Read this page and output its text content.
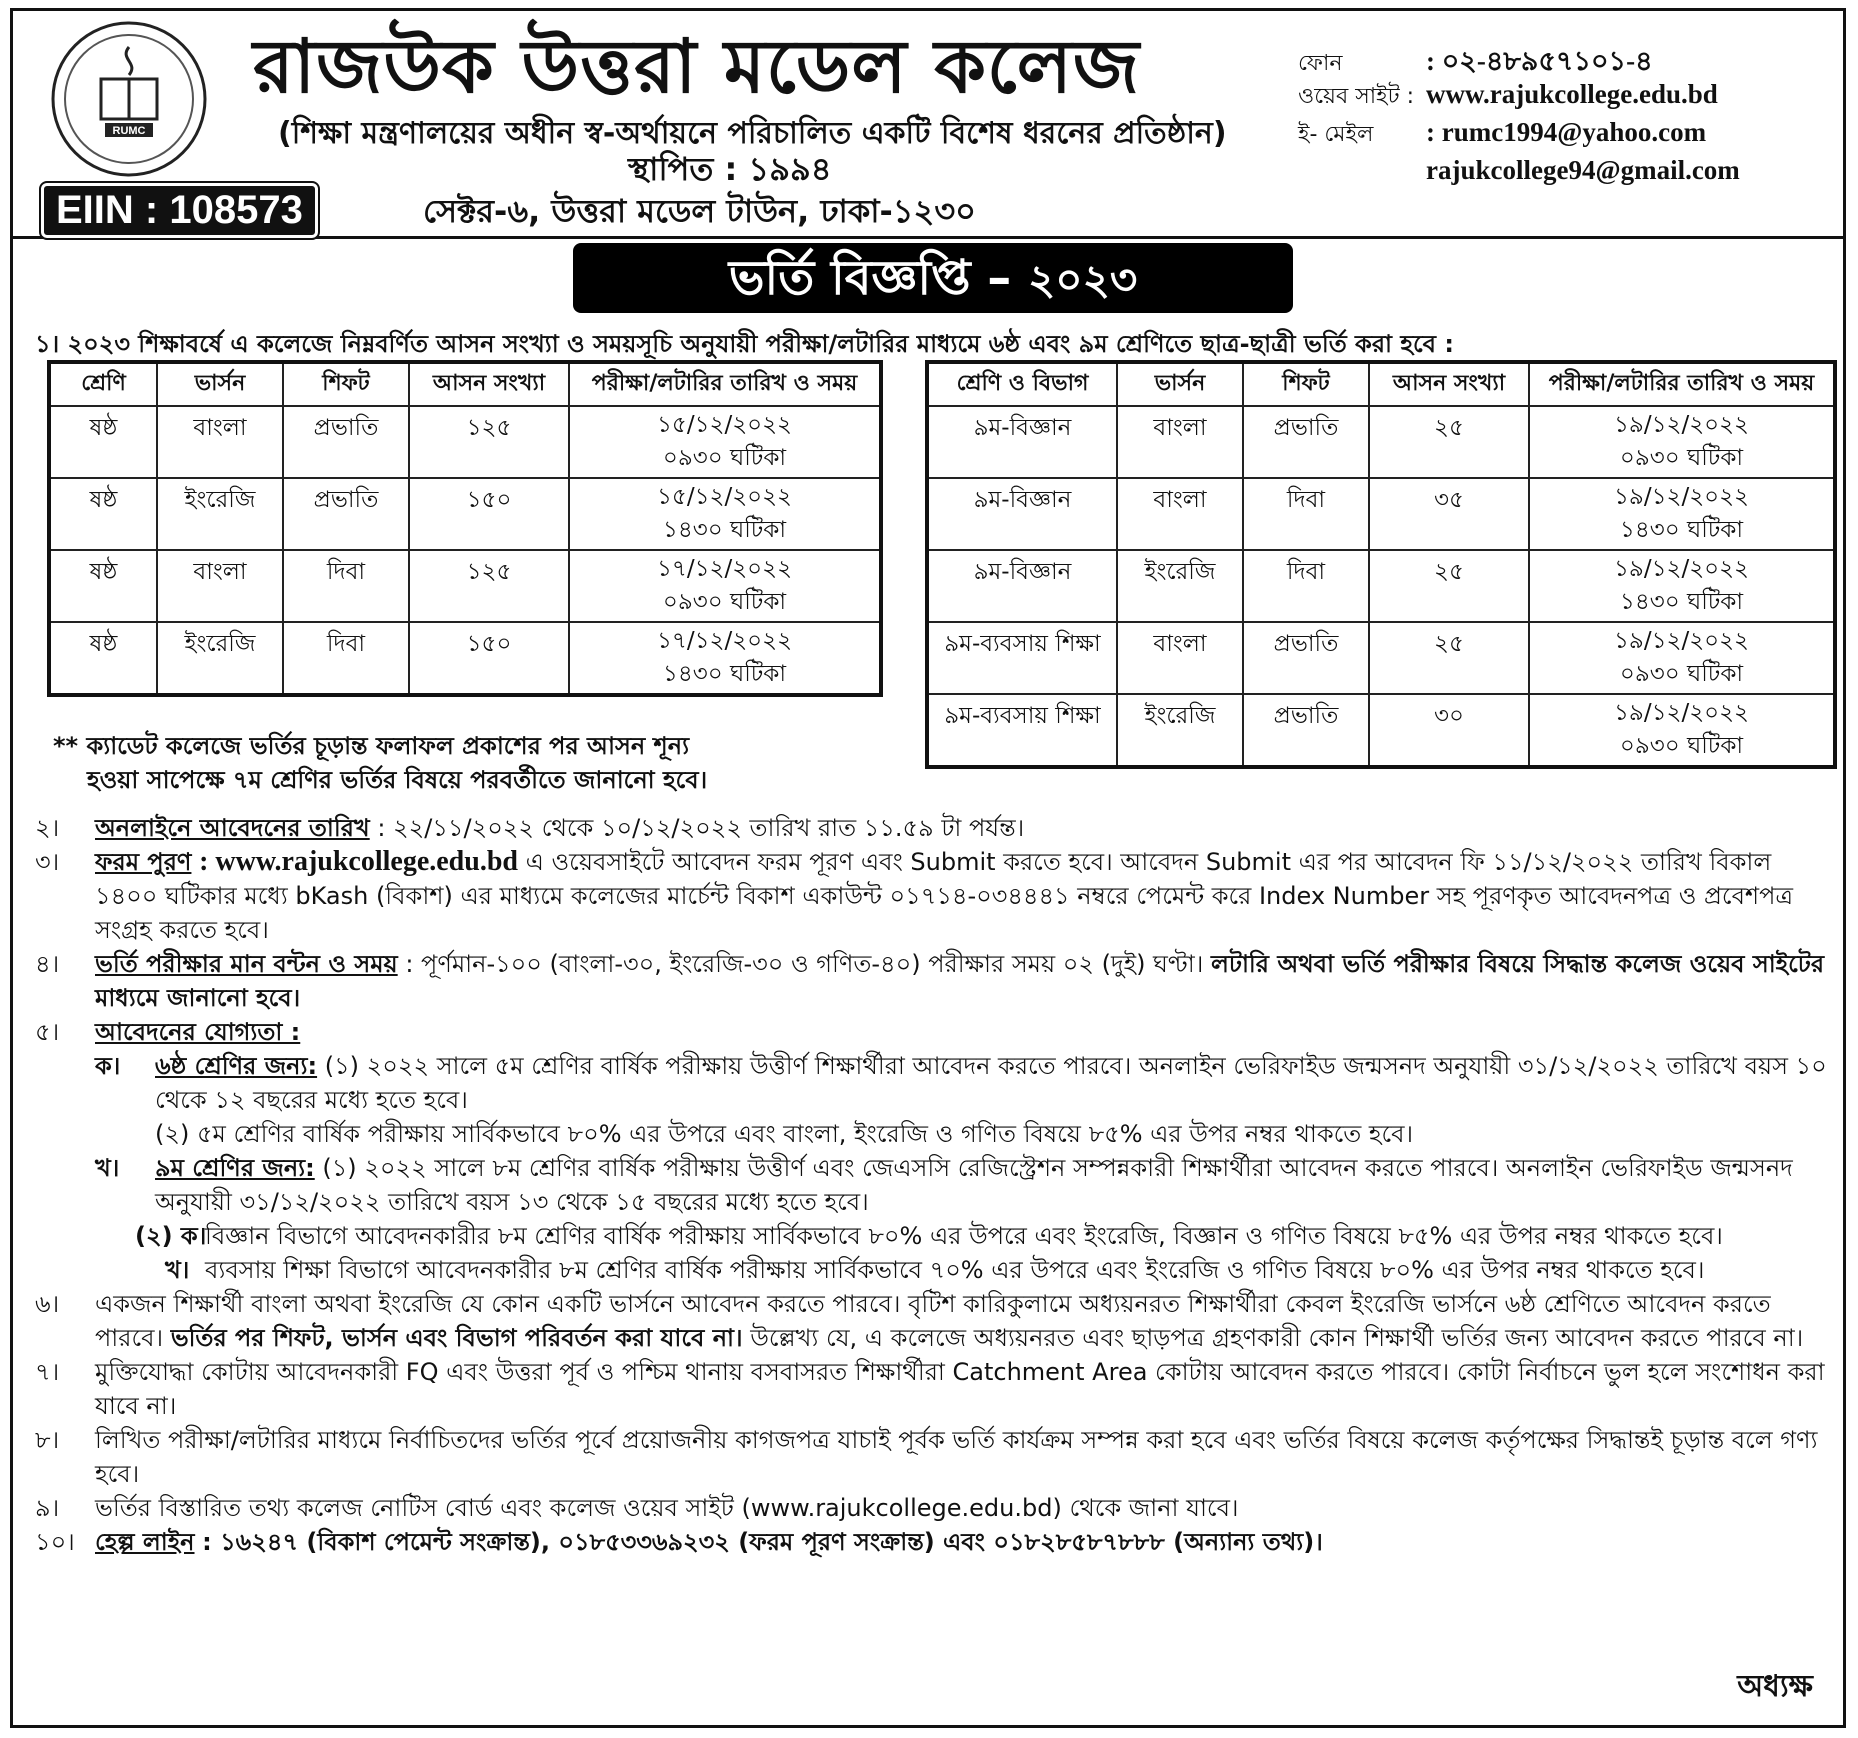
RUMC
রাজউক উত্তরা মডেল কলেজ
(শিক্ষা মন্ত্রণালয়ের অধীন স্ব-অর্থায়নে পরিচালিত একটি বিশেষ ধরনের প্রতিষ্ঠান)
স্থাপিত : ১৯৯৪
EIIN : 108573	সেক্টর-৬, উত্তরা মডেল টাউন, ঢাকা-১২৩০
ফোন	: ০২-৪৮৯৫৭১০১-৪
ওয়েব সাইট : www.rajukcollege.edu.bd
ই- মেইল : rumc1994@yahoo.com
rajukcollege94@gmail.com
ভর্তি বিজ্ঞপ্তি – ২০২৩
১। ২০২৩ শিক্ষাবর্ষে এ কলেজে নিম্নবর্ণিত আসন সংখ্যা ও সময়সূচি অনুযায়ী পরীক্ষা/লটারির মাধ্যমে ৬ষ্ঠ এবং ৯ম শ্রেণিতে ছাত্র-ছাত্রী ভর্তি করা হবে :
শ্রেণি	ভার্সন	শিফট	আসন সংখ্যা	পরীক্ষা/লটারির তারিখ ও সময়
ষষ্ঠ	বাংলা	প্রভাতি	১২৫	১৫/১২/২০২২
০৯৩০ ঘটিকা

ষষ্ঠ	ইংরেজি	প্রভাতি	১৫০	১৫/১২/২০২২
১৪৩০ ঘটিকা

ষষ্ঠ	বাংলা	দিবা	১২৫	১৭/১২/২০২২
০৯৩০ ঘটিকা

ষষ্ঠ	ইংরেজি	দিবা	১৫০	১৭/১২/২০২২
১৪৩০ ঘটিকা
শ্রেণি ও বিভাগ	ভার্সন	শিফট	আসন সংখ্যা	পরীক্ষা/লটারির তারিখ ও সময়
৯ম-বিজ্ঞান	বাংলা	প্রভাতি	২৫	১৯/১২/২০২২
০৯৩০ ঘটিকা

৯ম-বিজ্ঞান	বাংলা	দিবা	৩৫	১৯/১২/২০২২
১৪৩০ ঘটিকা

৯ম-বিজ্ঞান	ইংরেজি	দিবা	২৫	১৯/১২/২০২২
১৪৩০ ঘটিকা

৯ম-ব্যবসায় শিক্ষা	বাংলা	প্রভাতি	২৫	১৯/১২/২০২২
০৯৩০ ঘটিকা

৯ম-ব্যবসায় শিক্ষা	ইংরেজি	প্রভাতি	৩০	১৯/১২/২০২২
০৯৩০ ঘটিকা
** ক্যাডেট কলেজে ভর্তির চূড়ান্ত ফলাফল প্রকাশের পর আসন শূন্য
হওয়া সাপেক্ষে ৭ম শ্রেণির ভর্তির বিষয়ে পরবর্তীতে জানানো হবে।
২। অনলাইনে আবেদনের তারিখ : ২২/১১/২০২২ থেকে ১০/১২/২০২২ তারিখ রাত ১১.৫৯ টা পর্যন্ত।
৩। ফরম পুরণ : www.rajukcollege.edu.bd এ ওয়েবসাইটে আবেদন ফরম পূরণ এবং Submit করতে হবে। আবেদন Submit এর পর আবেদন ফি ১১/১২/২০২২ তারিখ বিকাল ১৪০০ ঘটিকার মধ্যে bKash (বিকাশ) এর মাধ্যমে কলেজের মার্চেন্ট বিকাশ একাউন্ট ০১৭১৪-০৩৪৪৪১ নম্বরে পেমেন্ট করে Index Number সহ পূরণকৃত আবেদনপত্র ও প্রবেশপত্র সংগ্রহ করতে হবে।
৪। ভর্তি পরীক্ষার মান বন্টন ও সময় : পূর্ণমান-১০০ (বাংলা-৩০, ইংরেজি-৩০ ও গণিত-৪০) পরীক্ষার সময় ০২ (দুই) ঘণ্টা। লটারি অথবা ভর্তি পরীক্ষার বিষয়ে সিদ্ধান্ত কলেজ ওয়েব সাইটের মাধ্যমে জানানো হবে।
৫। আবেদনের যোগ্যতা :
ক। ৬ষ্ঠ শ্রেণির জন্য: (১) ২০২২ সালে ৫ম শ্রেণির বার্ষিক পরীক্ষায় উত্তীর্ণ শিক্ষার্থীরা আবেদন করতে পারবে। অনলাইন ভেরিফাইড জন্মসনদ অনুযায়ী ৩১/১২/২০২২ তারিখে বয়স ১০ থেকে ১২ বছরের মধ্যে হতে হবে।
(২) ৫ম শ্রেণির বার্ষিক পরীক্ষায় সার্বিকভাবে ৮০% এর উপরে এবং বাংলা, ইংরেজি ও গণিত বিষয়ে ৮৫% এর উপর নম্বর থাকতে হবে।
খ। ৯ম শ্রেণির জন্য: (১) ২০২২ সালে ৮ম শ্রেণির বার্ষিক পরীক্ষায় উত্তীর্ণ এবং জেএসসি রেজিস্ট্রেশন সম্পন্নকারী শিক্ষার্থীরা আবেদন করতে পারবে। অনলাইন ভেরিফাইড জন্মসনদ অনুযায়ী ৩১/১২/২০২২ তারিখে বয়স ১৩ থেকে ১৫ বছরের মধ্যে হতে হবে।
(২) ক।
বিজ্ঞান বিভাগে আবেদনকারীর ৮ম শ্রেণির বার্ষিক পরীক্ষায় সার্বিকভাবে ৮০% এর উপরে এবং ইংরেজি, বিজ্ঞান ও গণিত বিষয়ে ৮৫% এর উপর নম্বর থাকতে হবে।
খ। ব্যবসায় শিক্ষা বিভাগে আবেদনকারীর ৮ম শ্রেণির বার্ষিক পরীক্ষায় সার্বিকভাবে ৭০% এর উপরে এবং ইংরেজি ও গণিত বিষয়ে ৮০% এর উপর নম্বর থাকতে হবে।
৬। একজন শিক্ষার্থী বাংলা অথবা ইংরেজি যে কোন একটি ভার্সনে আবেদন করতে পারবে। বৃটিশ কারিকুলামে অধ্যয়নরত শিক্ষার্থীরা কেবল ইংরেজি ভার্সনে ৬ষ্ঠ শ্রেণিতে আবেদন করতে পারবে। ভর্তির পর শিফট, ভার্সন এবং বিভাগ পরিবর্তন করা যাবে না। উল্লেখ্য যে, এ কলেজে অধ্যয়নরত এবং ছাড়পত্র গ্রহণকারী কোন শিক্ষার্থী ভর্তির জন্য আবেদন করতে পারবে না।
৭। মুক্তিযোদ্ধা কোটায় আবেদনকারী FQ এবং উত্তরা পূর্ব ও পশ্চিম থানায় বসবাসরত শিক্ষার্থীরা Catchment Area কোটায় আবেদন করতে পারবে। কোটা নির্বাচনে ভুল হলে সংশোধন করা যাবে না।
৮। লিখিত পরীক্ষা/লটারির মাধ্যমে নির্বাচিতদের ভর্তির পূর্বে প্রয়োজনীয় কাগজপত্র যাচাই পূর্বক ভর্তি কার্যক্রম সম্পন্ন করা হবে এবং ভর্তির বিষয়ে কলেজ কর্তৃপক্ষের সিদ্ধান্তই চূড়ান্ত বলে গণ্য হবে।
৯। ভর্তির বিস্তারিত তথ্য কলেজ নোটিস বোর্ড এবং কলেজ ওয়েব সাইট (www.rajukcollege.edu.bd) থেকে জানা যাবে।
১০। হেল্প লাইন : ১৬২৪৭ (বিকাশ পেমেন্ট সংক্রান্ত), ০১৮৫৩৩৬৯২৩২ (ফরম পূরণ সংক্রান্ত) এবং ০১৮২৮৫৮৭৮৮৮ (অন্যান্য তথ্য)।
অধ্যক্ষ
